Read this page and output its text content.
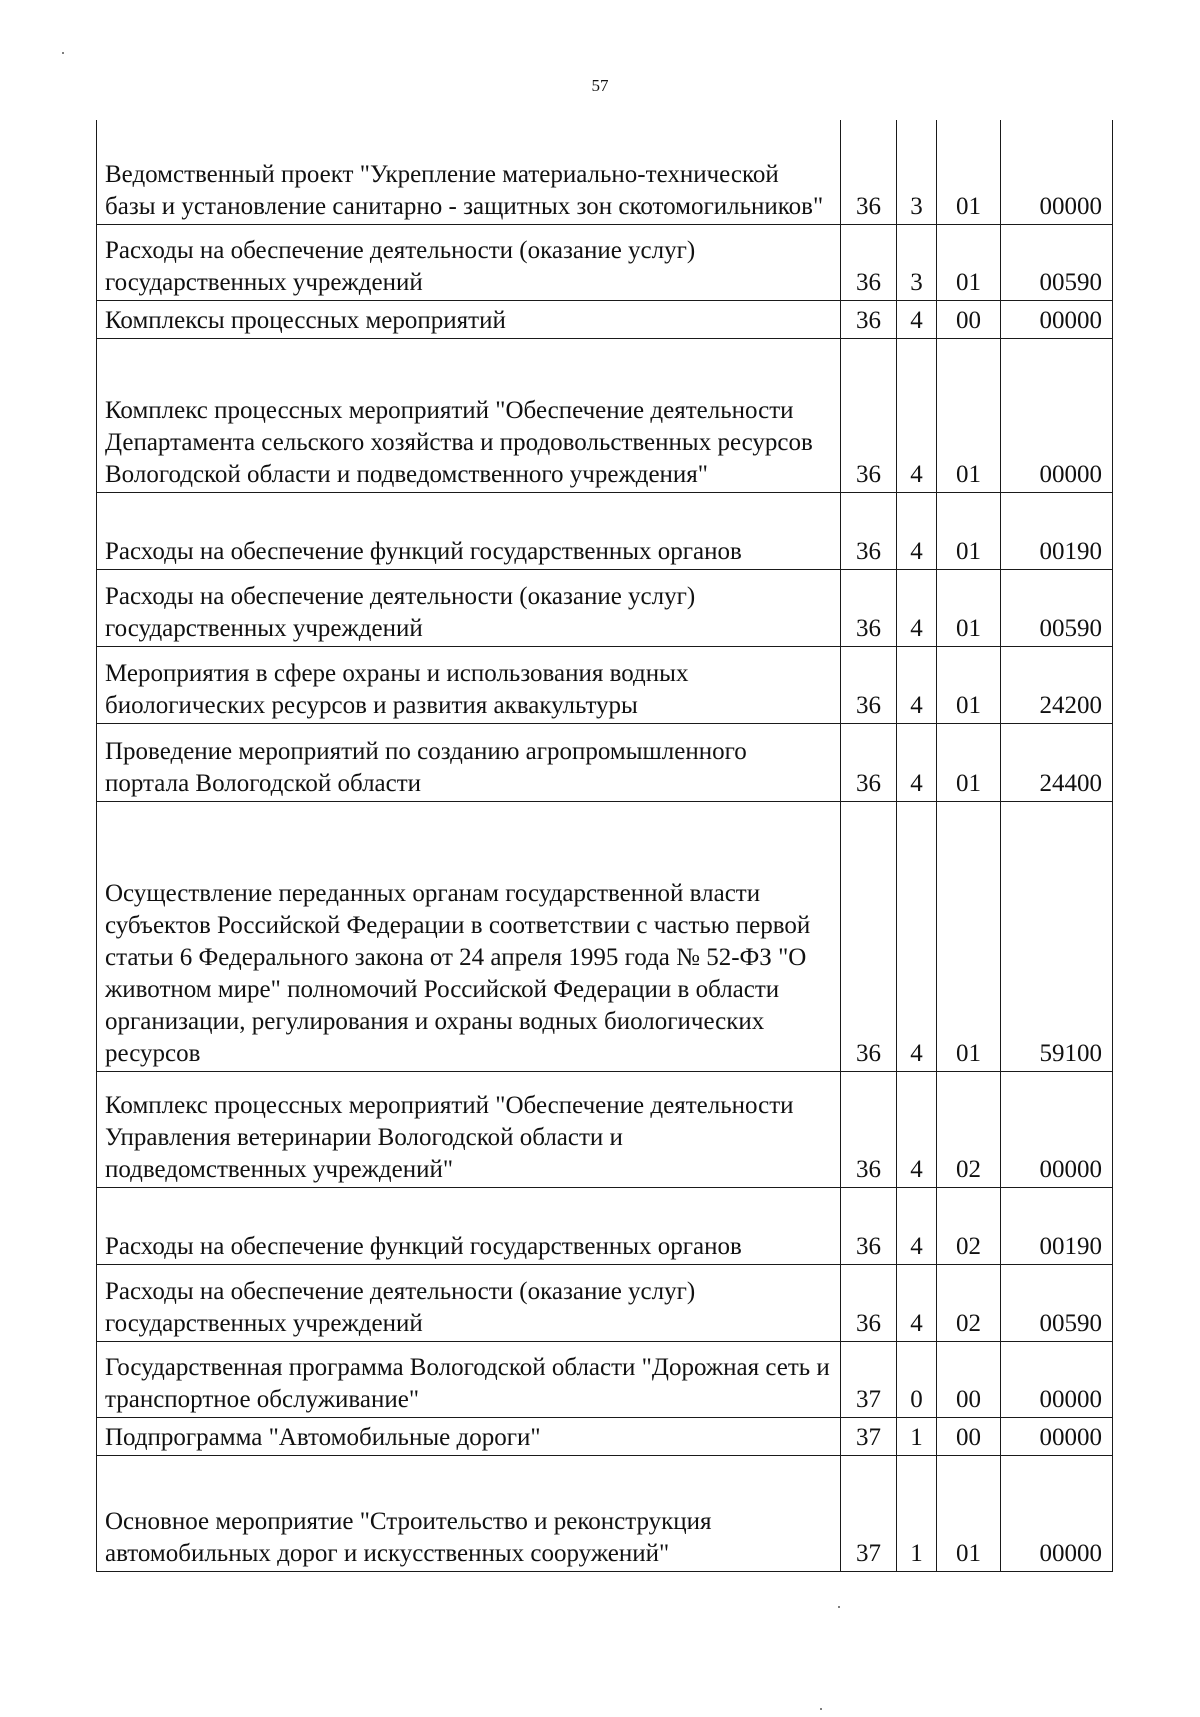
57
Ведомственный проект "Укрепление материально-технической базы и установление санитарно - защитных зон скотомогильников"	36	3	01	00000
Расходы на обеспечение деятельности (оказание услуг) государственных учреждений	36	3	01	00590
Комплексы процессных мероприятий	36	4	00	00000
Комплекс процессных мероприятий "Обеспечение деятельности Департамента сельского хозяйства и продовольственных ресурсов Вологодской области и подведомственного учреждения"	36	4	01	00000
Расходы на обеспечение функций государственных органов	36	4	01	00190
Расходы на обеспечение деятельности (оказание услуг) государственных учреждений	36	4	01	00590
Мероприятия в сфере охраны и использования водных биологических ресурсов и развития аквакультуры	36	4	01	24200
Проведение мероприятий по созданию агропромышленного портала Вологодской области	36	4	01	24400
Осуществление переданных органам государственной власти субъектов Российской Федерации в соответствии с частью первой статьи 6 Федерального закона от 24 апреля 1995 года № 52-ФЗ "О животном мире" полномочий Российской Федерации в области организации, регулирования и охраны водных биологических ресурсов	36	4	01	59100
Комплекс процессных мероприятий "Обеспечение деятельности Управления ветеринарии Вологодской области и подведомственных учреждений"	36	4	02	00000
Расходы на обеспечение функций государственных органов	36	4	02	00190
Расходы на обеспечение деятельности (оказание услуг) государственных учреждений	36	4	02	00590
Государственная программа Вологодской области "Дорожная сеть и транспортное обслуживание"	37	0	00	00000
Подпрограмма "Автомобильные дороги"	37	1	00	00000
Основное мероприятие "Строительство и реконструкция автомобильных дорог и искусственных сооружений"	37	1	01	00000
